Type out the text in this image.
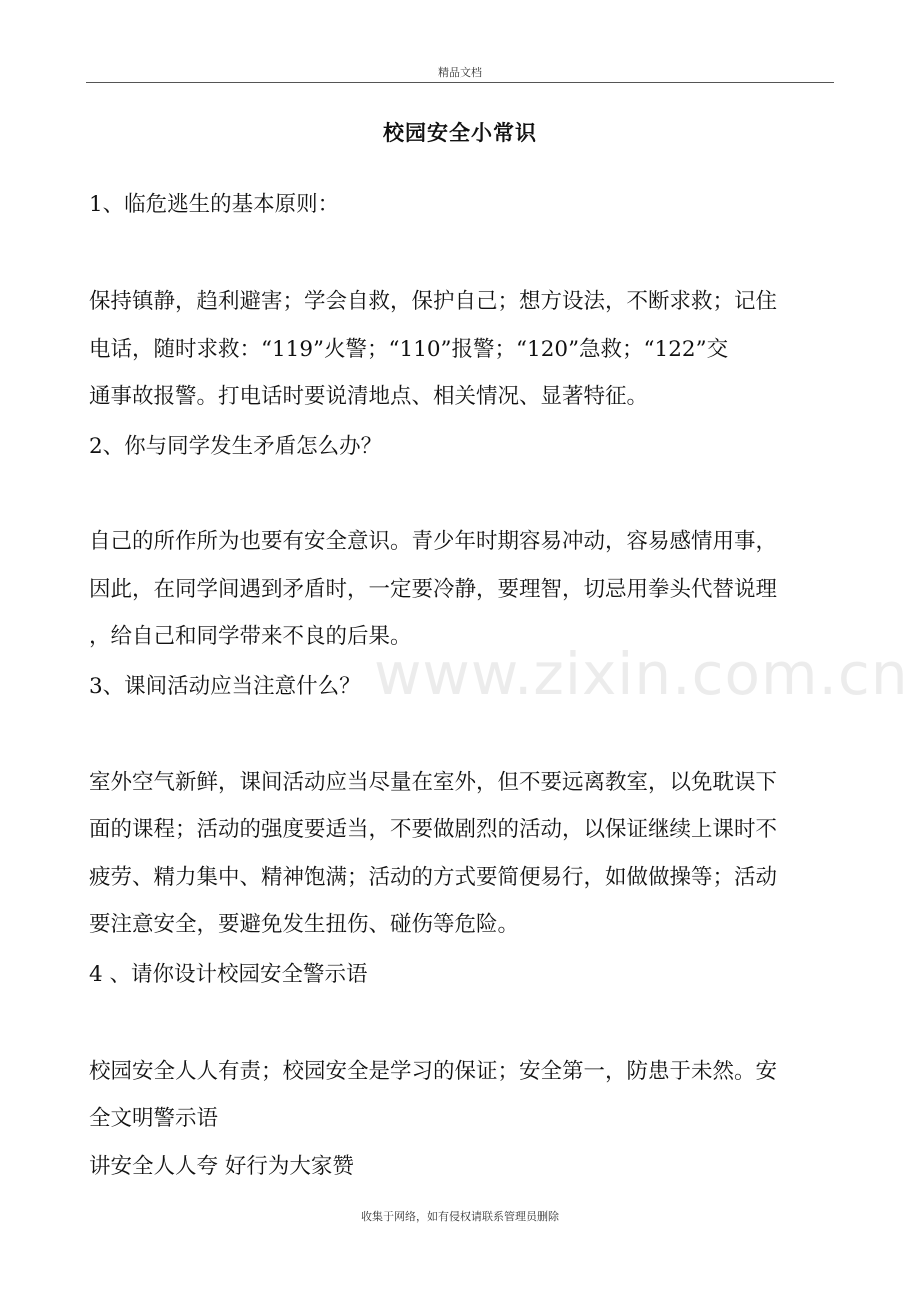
精品文档
校园安全小常识
1、临危逃生的基本原则：
保持镇静，趋利避害；学会自救，保护自己；想方设法，不断求救；记住
电话，随时求救：“119”火警；“110”报警；“120”急救；“122”交
通事故报警。打电话时要说清地点、相关情况、显著特征。
2、你与同学发生矛盾怎么办？
自己的所作所为也要有安全意识。青少年时期容易冲动，容易感情用事，
因此，在同学间遇到矛盾时，一定要冷静，要理智，切忌用拳头代替说理
，给自己和同学带来不良的后果。
www.zixin.com.cn
3、课间活动应当注意什么？
室外空气新鲜，课间活动应当尽量在室外，但不要远离教室，以免耽误下
面的课程；活动的强度要适当，不要做剧烈的活动，以保证继续上课时不
疲劳、精力集中、精神饱满；活动的方式要简便易行，如做做操等；活动
要注意安全，要避免发生扭伤、碰伤等危险。
4 、请你设计校园安全警示语
校园安全人人有责；校园安全是学习的保证；安全第一，防患于未然。安
全文明警示语
讲安全人人夸 好行为大家赞
收集于网络，如有侵权请联系管理员删除
